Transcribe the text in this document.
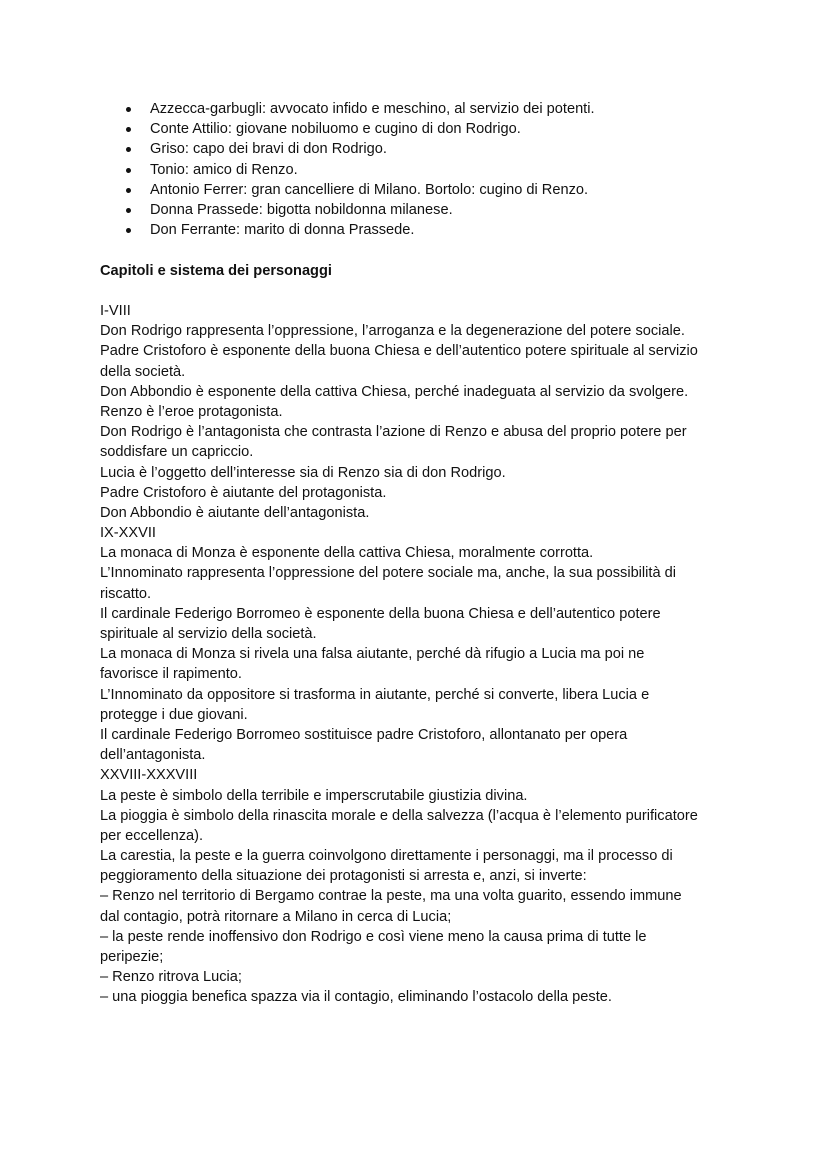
Azzecca-garbugli: avvocato infido e meschino, al servizio dei potenti.
Conte Attilio: giovane nobiluomo e cugino di don Rodrigo.
Griso: capo dei bravi di don Rodrigo.
Tonio: amico di Renzo.
Antonio Ferrer: gran cancelliere di Milano. Bortolo: cugino di Renzo.
Donna Prassede: bigotta nobildonna milanese.
Don Ferrante: marito di donna Prassede.
Capitoli e sistema dei personaggi
I-VIII
Don Rodrigo rappresenta l’oppressione, l’arroganza e la degenerazione del potere sociale.
Padre Cristoforo è esponente della buona Chiesa e dell’autentico potere spirituale al servizio
della società.
Don Abbondio è esponente della cattiva Chiesa, perché inadeguata al servizio da svolgere.
Renzo è l’eroe protagonista.
Don Rodrigo è l’antagonista che contrasta l’azione di Renzo e abusa del proprio potere per
soddisfare un capriccio.
Lucia è l’oggetto dell’interesse sia di Renzo sia di don Rodrigo.
Padre Cristoforo è aiutante del protagonista.
Don Abbondio è aiutante dell’antagonista.
IX-XXVII
La monaca di Monza è esponente della cattiva Chiesa, moralmente corrotta.
L’Innominato rappresenta l’oppressione del potere sociale ma, anche, la sua possibilità di
riscatto.
Il cardinale Federigo Borromeo è esponente della buona Chiesa e dell’autentico potere
spirituale al servizio della società.
La monaca di Monza si rivela una falsa aiutante, perché dà rifugio a Lucia ma poi ne
favorisce il rapimento.
L’Innominato da oppositore si trasforma in aiutante, perché si converte, libera Lucia e
protegge i due giovani.
Il cardinale Federigo Borromeo sostituisce padre Cristoforo, allontanato per opera
dell’antagonista.
XXVIII-XXXVIII
La peste è simbolo della terribile e imperscrutabile giustizia divina.
La pioggia è simbolo della rinascita morale e della salvezza (l’acqua è l’elemento purificatore
per eccellenza).
La carestia, la peste e la guerra coinvolgono direttamente i personaggi, ma il processo di
peggioramento della situazione dei protagonisti si arresta e, anzi, si inverte:
– Renzo nel territorio di Bergamo contrae la peste, ma una volta guarito, essendo immune
dal contagio, potrà ritornare a Milano in cerca di Lucia;
– la peste rende inoffensivo don Rodrigo e così viene meno la causa prima di tutte le
peripezie;
– Renzo ritrova Lucia;
– una pioggia benefica spazza via il contagio, eliminando l’ostacolo della peste.
